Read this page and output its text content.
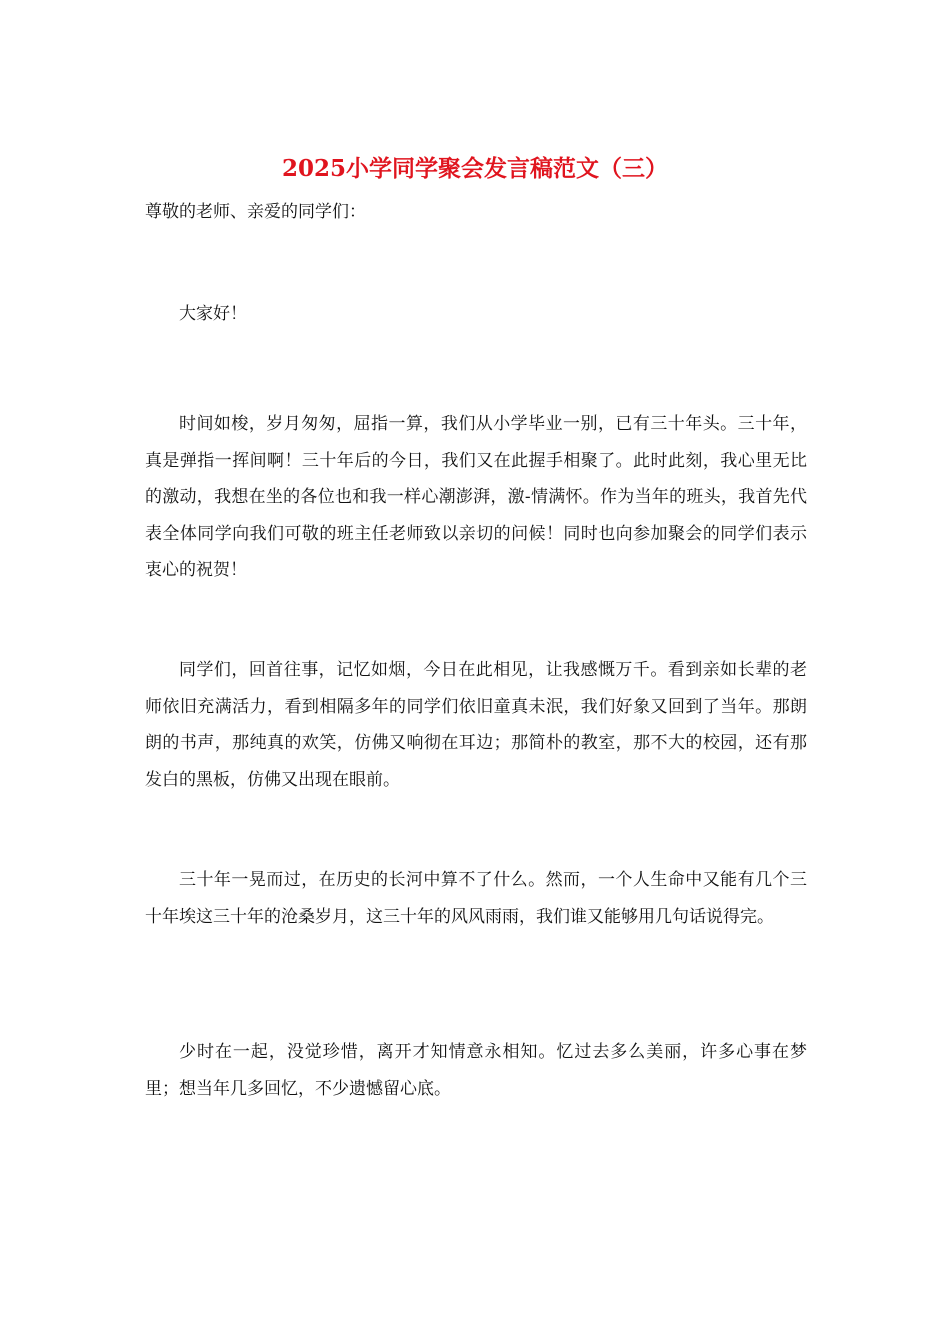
2025小学同学聚会发言稿范文（三）

尊敬的老师、亲爱的同学们：

大家好！

时间如梭，岁月匆匆，屈指一算，我们从小学毕业一别，已有三十年头。三十年，真是弹指一挥间啊！三十年后的今日，我们又在此握手相聚了。此时此刻，我心里无比的激动，我想在坐的各位也和我一样心潮澎湃，激-情满怀。作为当年的班头，我首先代表全体同学向我们可敬的班主任老师致以亲切的问候！同时也向参加聚会的同学们表示衷心的祝贺！

同学们，回首往事，记忆如烟，今日在此相见，让我感慨万千。看到亲如长辈的老师依旧充满活力，看到相隔多年的同学们依旧童真未泯，我们好象又回到了当年。那朗朗的书声，那纯真的欢笑，仿佛又响彻在耳边；那简朴的教室，那不大的校园，还有那发白的黑板，仿佛又出现在眼前。

三十年一晃而过，在历史的长河中算不了什么。然而，一个人生命中又能有几个三十年埃这三十年的沧桑岁月，这三十年的风风雨雨，我们谁又能够用几句话说得完。

少时在一起，没觉珍惜，离开才知情意永相知。忆过去多么美丽，许多心事在梦里；想当年几多回忆，不少遗憾留心底。
